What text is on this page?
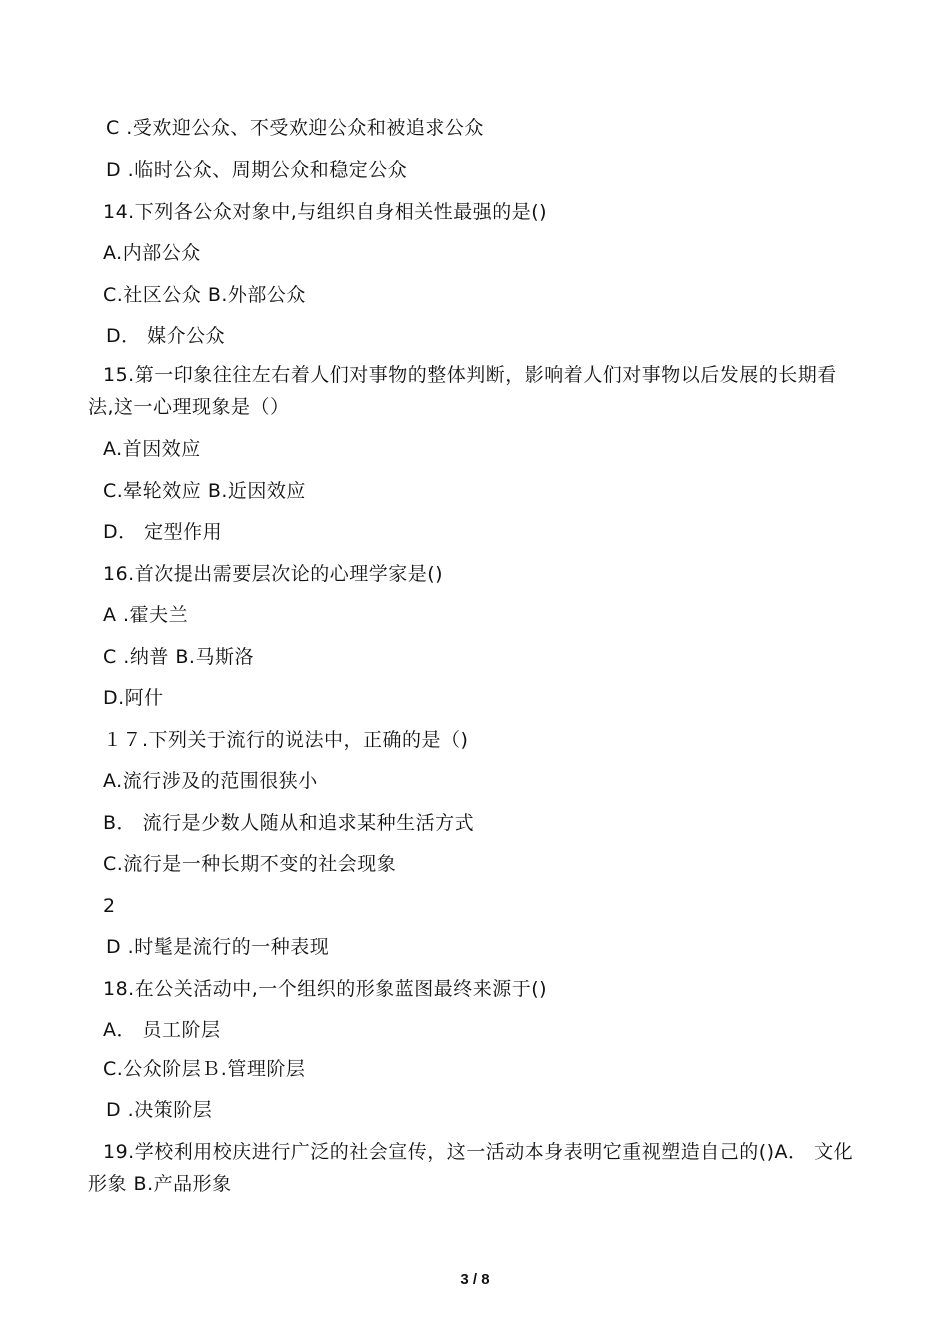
C .受欢迎公众、不受欢迎公众和被追求公众
D .临时公众、周期公众和稳定公众
14.下列各公众对象中,与组织自身相关性最强的是()
A.内部公众
C.社区公众 B.外部公众
D． 媒介公众
15.第一印象往往左右着人们对事物的整体判断，影响着人们对事物以后发展的长期看法,这一心理现象是（）
A.首因效应
C.晕轮效应 B.近因效应
D． 定型作用
16.首次提出需要层次论的心理学家是()
A .霍夫兰
C .纳普 B.马斯洛
D.阿什
１７.下列关于流行的说法中，正确的是（)
A.流行涉及的范围很狭小
B． 流行是少数人随从和追求某种生活方式
C.流行是一种长期不变的社会现象
2
D .时髦是流行的一种表现
18.在公关活动中,一个组织的形象蓝图最终来源于()
A． 员工阶层
C.公众阶层Ｂ.管理阶层
D .决策阶层
19.学校利用校庆进行广泛的社会宣传，这一活动本身表明它重视塑造自己的()A． 文化形象 B.产品形象
3 / 8
